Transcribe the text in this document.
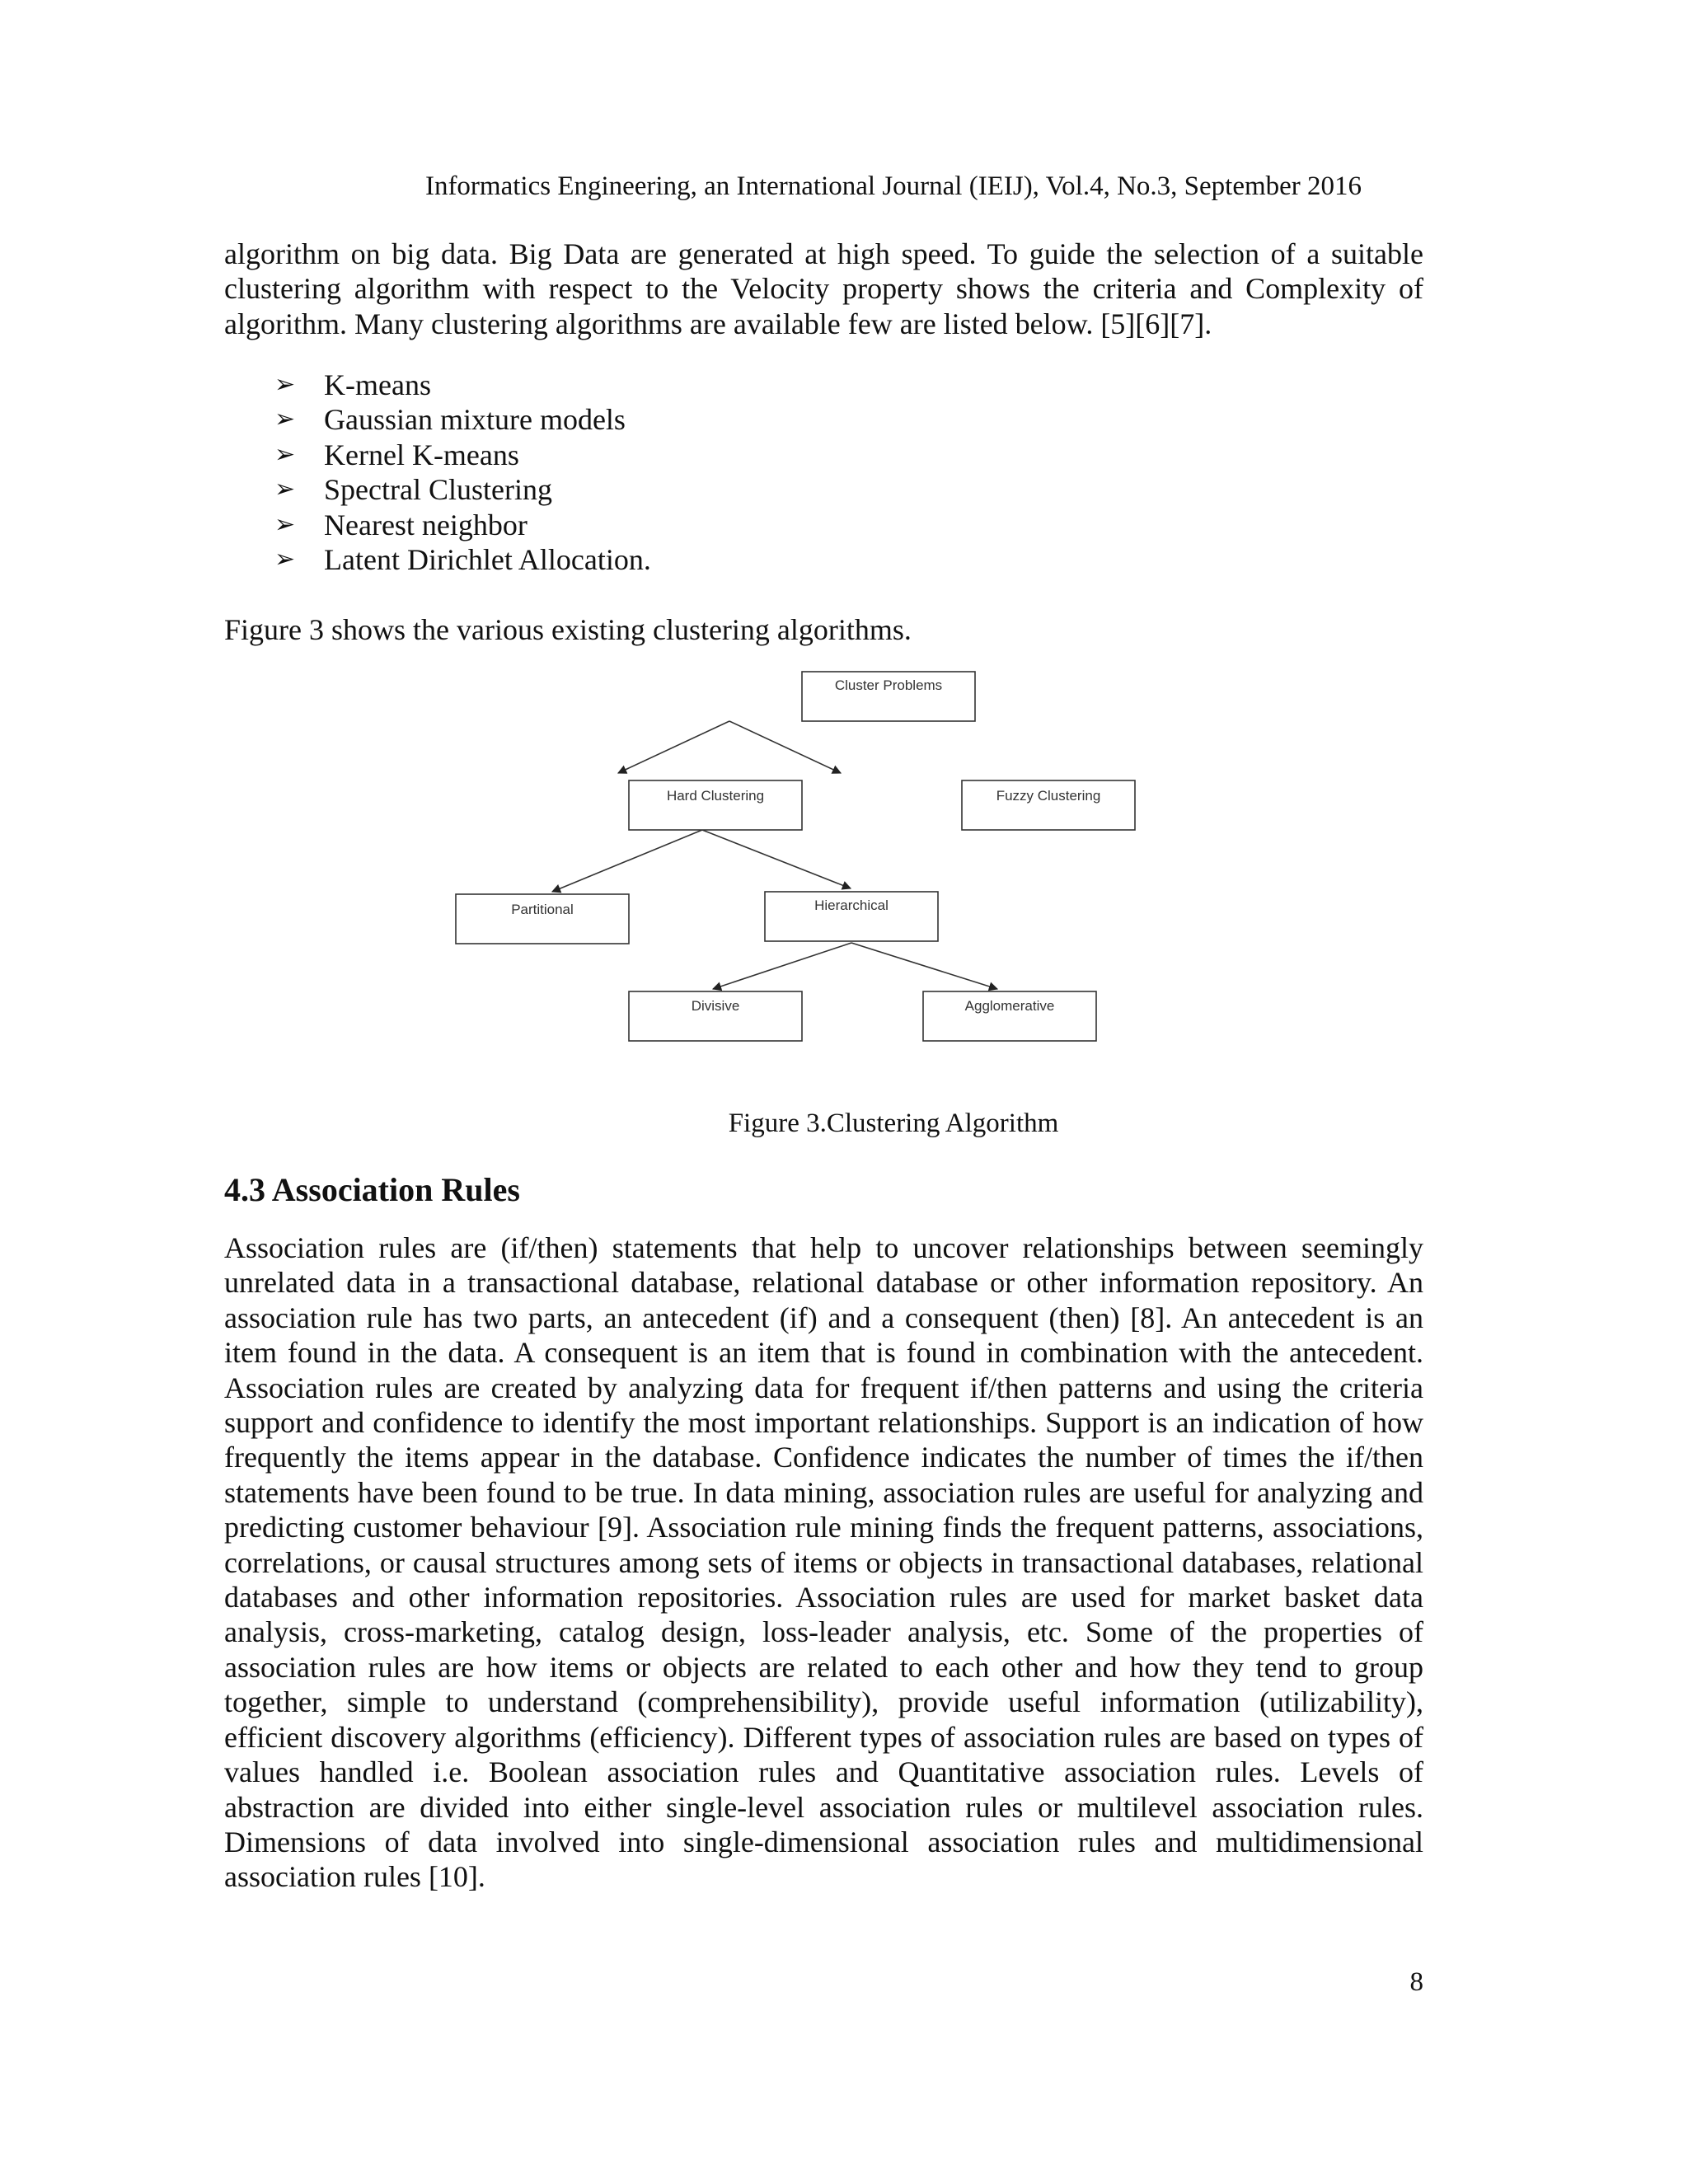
Informatics Engineering, an International Journal (IEIJ), Vol.4, No.3, September 2016

algorithm on big data. Big Data are generated at high speed. To guide the selection of a suitable clustering algorithm with respect to the Velocity property shows the criteria and Complexity of algorithm. Many clustering algorithms are available few are listed below. [5][6][7].

➢ K-means
➢ Gaussian mixture models
➢ Kernel K-means
➢ Spectral Clustering
➢ Nearest neighbor
➢ Latent Dirichlet Allocation.

Figure 3 shows the various existing clustering algorithms.

Cluster Problems
Hard Clustering	Fuzzy Clustering
Partitional	Hierarchical
Divisive	Agglomerative
Figure 3.Clustering Algorithm
4.3 Association Rules

Association rules are (if/then) statements that help to uncover relationships between seemingly unrelated data in a transactional database, relational database or other information repository. An association rule has two parts, an antecedent (if) and a consequent (then) [8]. An antecedent is an item found in the data. A consequent is an item that is found in combination with the antecedent. Association rules are created by analyzing data for frequent if/then patterns and using the criteria support and confidence to identify the most important relationships. Support is an indication of how frequently the items appear in the database. Confidence indicates the number of times the if/then statements have been found to be true. In data mining, association rules are useful for analyzing and predicting customer behaviour [9]. Association rule mining finds the frequent patterns, associations, correlations, or causal structures among sets of items or objects in transactional databases, relational databases and other information repositories. Association rules are used for market basket data analysis, cross-marketing, catalog design, loss-leader analysis, etc. Some of the properties of association rules are how items or objects are related to each other and how they tend to group together, simple to understand (comprehensibility), provide useful information (utilizability), efficient discovery algorithms (efficiency). Different types of association rules are based on types of values handled i.e. Boolean association rules and Quantitative association rules. Levels of abstraction are divided into either single-level association rules or multilevel association rules. Dimensions of data involved into single-dimensional association rules and multidimensional association rules [10].

8
